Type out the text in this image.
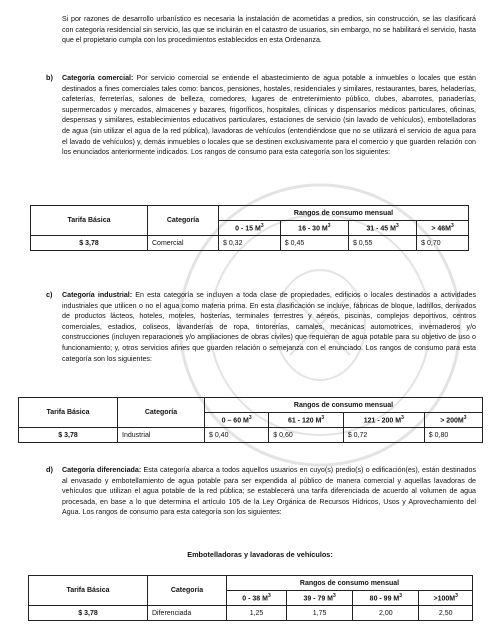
Si por razones de desarrollo urbanístico es necesaria la instalación de acometidas a predios, sin construcción, se las clasificará con categoría residencial sin servicio, las que se incluirán en el catastro de usuarios, sin embargo, no se habilitará el servicio, hasta que el propietario cumpla con los procedimientos establecidos en esta Ordenanza.

b) Categoría comercial: Por servicio comercial se entiende el abastecimiento de agua potable a inmuebles o locales que están destinados a fines comerciales tales como: bancos, pensiones, hostales, residenciales y similares, restaurantes, bares, heladerías, cafeterías, ferreterías, salones de belleza, comedores, lugares de entretenimiento público, clubes, abarrotes, panaderías, supermercados y mercados, almacenes y bazares, frigoríficos, hospitales, clínicas y dispensarios médicos particulares, oficinas, despensas y similares, establecimientos educativos particulares, estaciones de servicio (sin lavado de vehículos), embotelladoras de agua (sin utilizar el agua de la red pública), lavadoras de vehículos (entendiéndose que no se utilizará el servicio de agua para el lavado de vehículos) y, demás inmuebles o locales que se destinen exclusivamente para el comercio y que guarden relación con los enunciados anteriormente indicados. Los rangos de consumo para esta categoría son los siguientes:

Tarifa Básica	Categoría	Rangos de consumo mensual			
		0 - 15 $M^3$	16 - 30 $M^3$	31 - 45 $M^3$	> $46M^3$
$ 3,78	Comercial	$ 0,32	$ 0,45	$ 0,55	$ 0,70
c) Categoría industrial: En esta categoría se incluyen a toda clase de propiedades, edificios o locales destinados a actividades industriales que utilicen o no el agua como materia prima. En esta clasificación se incluye, fábricas de bloque, ladrillos, derivados de productos lácteos, hoteles, moteles, hosterías, terminales terrestres y aéreos, piscinas, complejos deportivos, centros comerciales, estadios, coliseos, lavanderías de ropa, tintorerías, camales, mecánicas automotrices, invernaderos y/o construcciones (incluyen reparaciones y/o ampliaciones de obras civiles) que requieran de agua potable para su objetivo de uso o funcionamiento; y, otros servicios afines que guarden relación o semejanza con el enunciado. Los rangos de consumo para esta categoría son los siguientes:

Tarifa Básica	Categoría	Rangos de consumo mensual			
		0 – 60 $M^3$	61 - 120 $M^3$	121 - 200 $M^3$	> $200M^3$
$ 3,78	Industrial	$ 0,40	$ 0,60	$ 0,72	$ 0,80
d) Categoría diferenciada: Esta categoría abarca a todos aquellos usuarios en cuyo(s) predio(s) o edificación(es), están destinados al envasado y embotellamiento de agua potable para ser expendida al público de manera comercial y aquellas lavadoras de vehículos que utilizan el agua potable de la red pública; se establecerá una tarifa diferenciada de acuerdo al volumen de agua procesada, en base a lo que determina el artículo 105 de la Ley Orgánica de Recursos Hídricos, Usos y Aprovechamiento del Agua. Los rangos de consumo para esta categoría son los siguientes:

Embotelladoras y lavadoras de vehículos:
Tarifa Básica	Categoría	Rangos de consumo mensual			
		0 - 38 $M^3$	39 - 79 $M^3$	80 - 99 $M^3$	$>100M^3$
$ 3,78	Diferenciada	1,25	1,75	2,00	2,50
